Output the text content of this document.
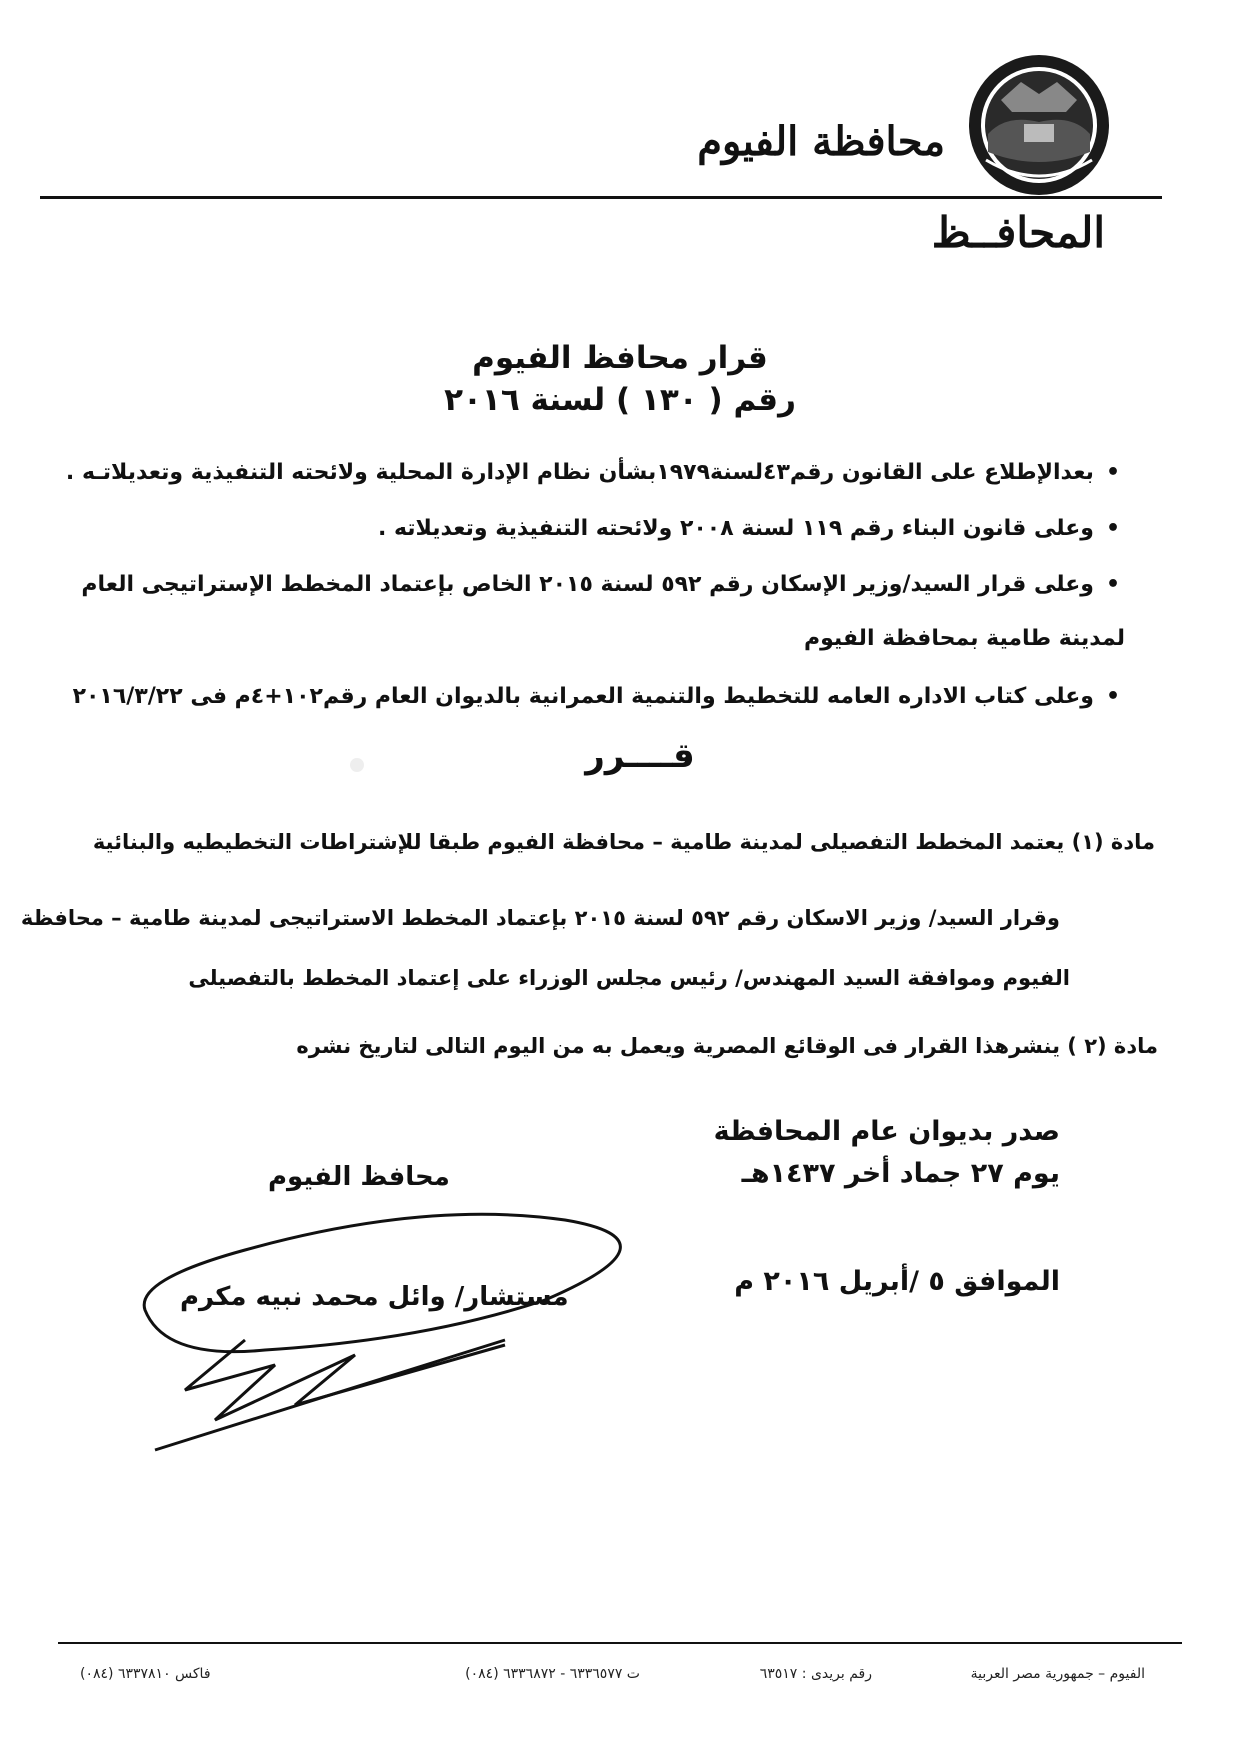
محافظة الفيوم
المحافــظ
قرار محافظ الفيوم
رقم ( ١٣٠ ) لسنة ٢٠١٦
•بعدالإطلاع على القانون رقم٤٣لسنة١٩٧٩بشأن نظام الإدارة المحلية ولائحته التنفيذية وتعديلاتـه .
•وعلى قانون البناء رقم ١١٩ لسنة ٢٠٠٨ ولائحته التنفيذية وتعديلاته .
•وعلى قرار السيد/وزير الإسكان رقم ٥٩٢ لسنة ٢٠١٥ الخاص بإعتماد المخطط الإستراتيجى العام
لمدينة طامية بمحافظة الفيوم
•وعلى كتاب الاداره العامه للتخطيط والتنمية العمرانية بالديوان العام رقم١٠٢+٤م فى ٢٠١٦/٣/٢٢
قــــرر
مادة (١) يعتمد المخطط التفصيلى لمدينة طامية – محافظة الفيوم طبقا للإشتراطات التخطيطيه والبنائية
وقرار السيد/ وزير الاسكان رقم ٥٩٢ لسنة ٢٠١٥ بإعتماد المخطط الاستراتيجى لمدينة طامية – محافظة
الفيوم وموافقة السيد المهندس/ رئيس مجلس الوزراء على إعتماد المخطط بالتفصيلى
مادة (٢ ) ينشرهذا القرار فى الوقائع المصرية ويعمل به من اليوم التالى لتاريخ نشره
صدر بديوان عام المحافظة
يوم ٢٧ جماد أخر ١٤٣٧هـ
الموافق ٥ /أبريل ٢٠١٦ م
محافظ الفيوم
مستشار/ وائل محمد نبيه مكرم
الفيوم – جمهورية مصر العربية
رقم بريدى : ٦٣٥١٧
ت ٦٣٣٦٥٧٧ - ٦٣٣٦٨٧٢ (٠٨٤)
فاكس ٦٣٣٧٨١٠ (٠٨٤)
